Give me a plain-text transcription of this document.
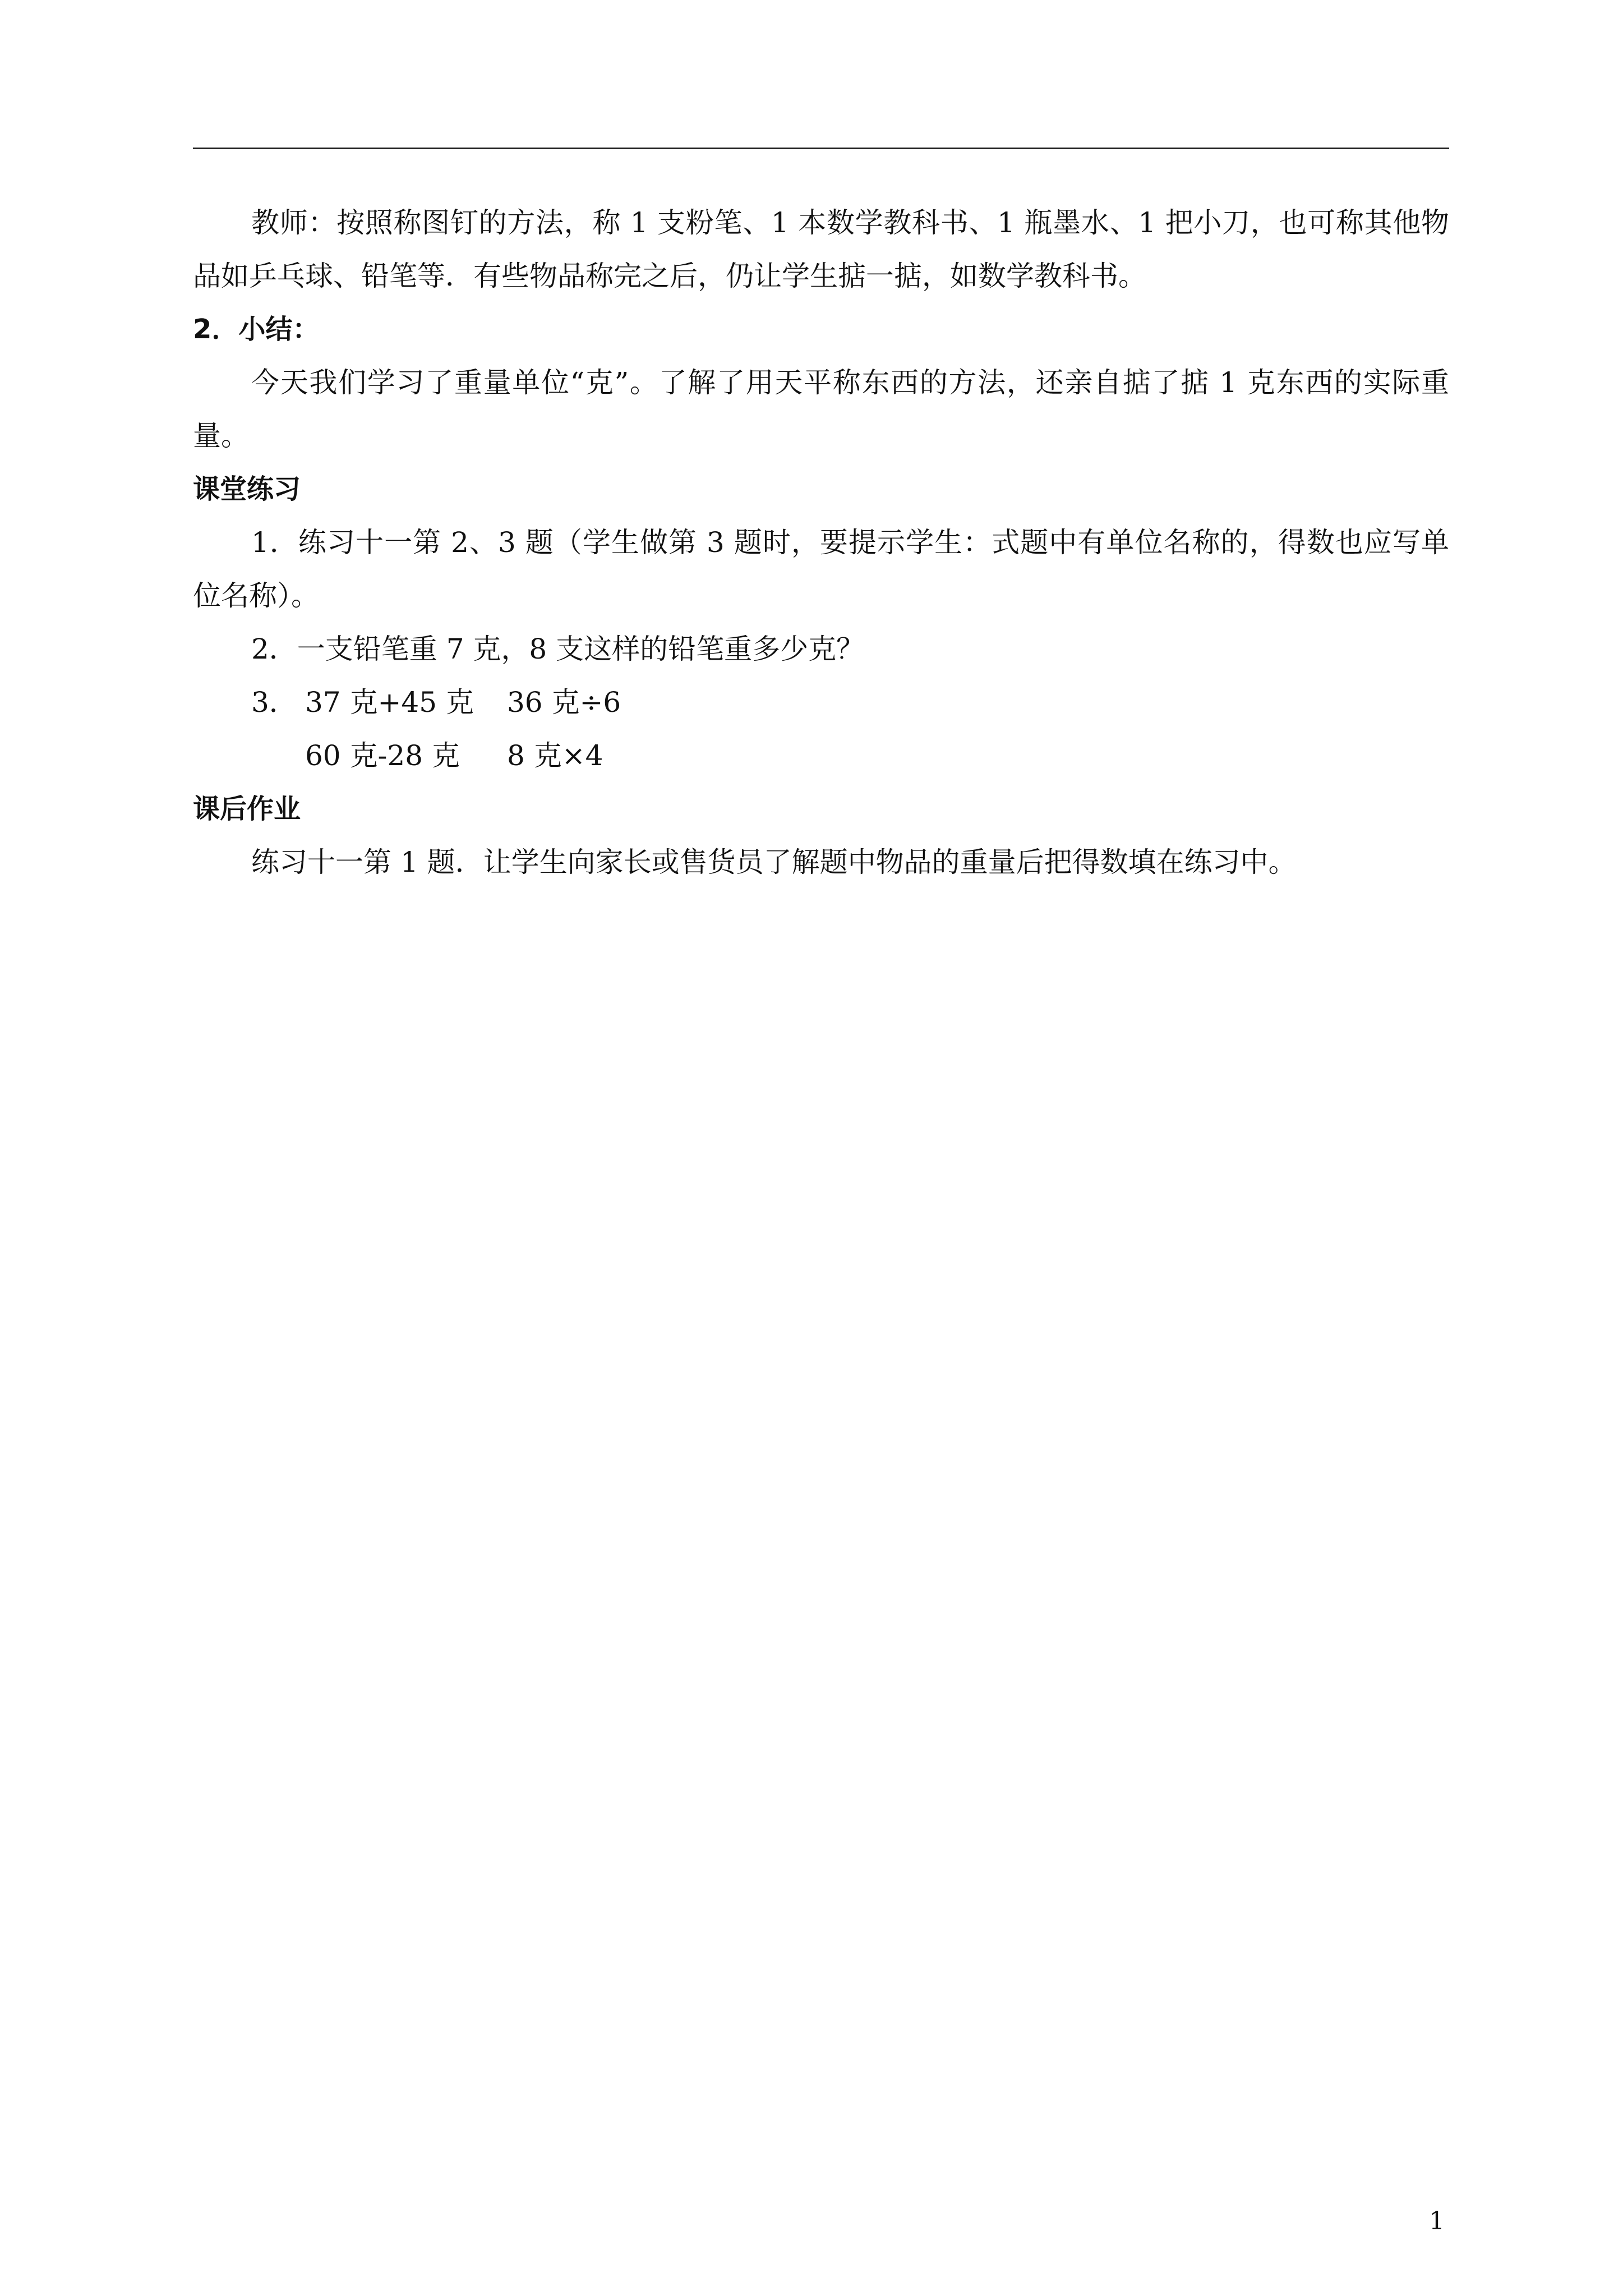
教师：按照称图钉的方法，称 1 支粉笔、1 本数学教科书、1 瓶墨水、1 把小刀，也可称其他物品如乒乓球、铅笔等．有些物品称完之后，仍让学生掂一掂，如数学教科书。

2．小结：

今天我们学习了重量单位“克”。了解了用天平称东西的方法，还亲自掂了掂 1 克东西的实际重量。

课堂练习

1．练习十一第 2、3 题（学生做第 3 题时，要提示学生：式题中有单位名称的，得数也应写单位名称）。

2．一支铅笔重 7 克，8 支这样的铅笔重多少克？

3． 37 克+45 克 36 克÷6

60 克-28 克 8 克×4

课后作业

练习十一第 1 题．让学生向家长或售货员了解题中物品的重量后把得数填在练习中。

1
